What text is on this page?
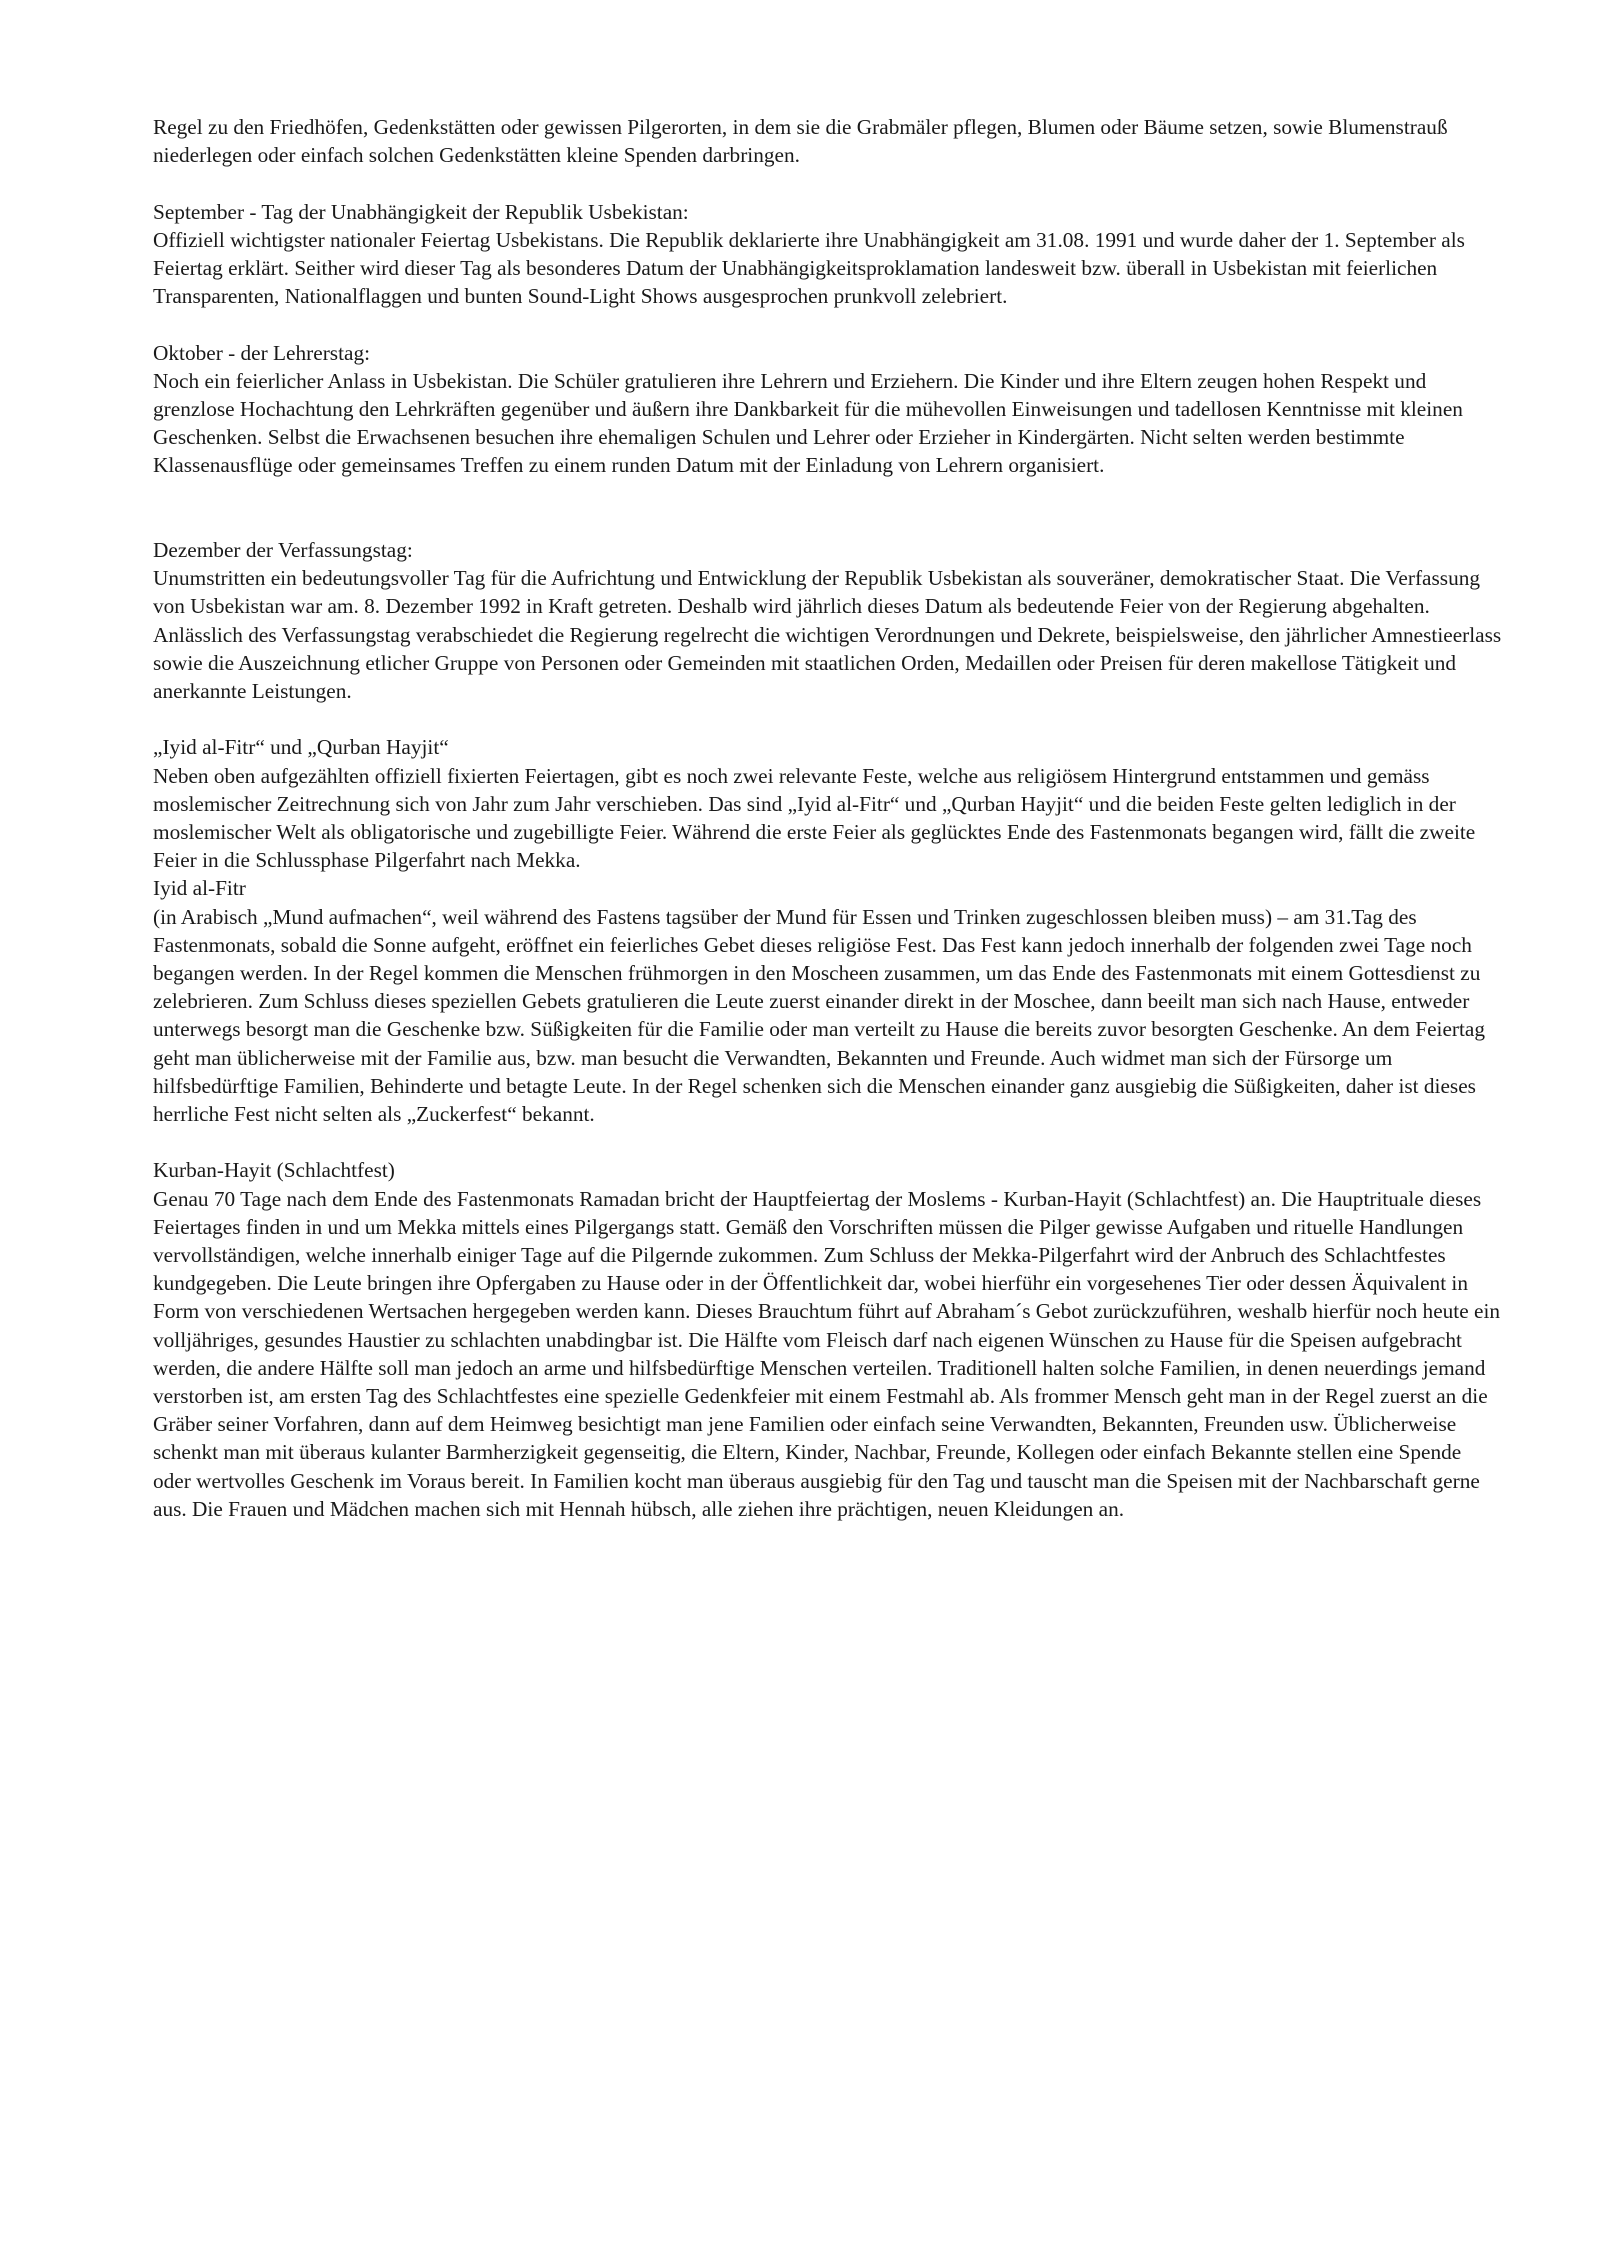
Regel zu den Friedhöfen, Gedenkstätten oder gewissen Pilgerorten, in dem sie die Grabmäler pflegen, Blumen oder Bäume setzen, sowie Blumenstrauß niederlegen oder einfach solchen Gedenkstätten kleine Spenden darbringen.

September - Tag der Unabhängigkeit der Republik Usbekistan:

Offiziell wichtigster nationaler Feiertag Usbekistans. Die Republik deklarierte ihre Unabhängigkeit am 31.08. 1991 und wurde daher der 1. September als Feiertag erklärt. Seither wird dieser Tag als besonderes Datum der Unabhängigkeitsproklamation landesweit bzw. überall in Usbekistan mit feierlichen Transparenten, Nationalflaggen und bunten Sound-Light Shows ausgesprochen prunkvoll zelebriert.

Oktober - der Lehrerstag:

Noch ein feierlicher Anlass in Usbekistan. Die Schüler gratulieren ihre Lehrern und Erziehern. Die Kinder und ihre Eltern zeugen hohen Respekt und grenzlose Hochachtung den Lehrkräften gegenüber und äußern ihre Dankbarkeit für die mühevollen Einweisungen und tadellosen Kenntnisse mit kleinen Geschenken. Selbst die Erwachsenen besuchen ihre ehemaligen Schulen und Lehrer oder Erzieher in Kindergärten. Nicht selten werden bestimmte Klassenausflüge oder gemeinsames Treffen zu einem runden Datum mit der Einladung von Lehrern organisiert.

Dezember der Verfassungstag:

Unumstritten ein bedeutungsvoller Tag für die Aufrichtung und Entwicklung der Republik Usbekistan als souveräner, demokratischer Staat. Die Verfassung von Usbekistan war am. 8. Dezember 1992 in Kraft getreten. Deshalb wird jährlich dieses Datum als bedeutende Feier von der Regierung abgehalten. Anlässlich des Verfassungstag verabschiedet die Regierung regelrecht die wichtigen Verordnungen und Dekrete, beispielsweise, den jährlicher Amnestieerlass sowie die Auszeichnung etlicher Gruppe von Personen oder Gemeinden mit staatlichen Orden, Medaillen oder Preisen für deren makellose Tätigkeit und anerkannte Leistungen.

„Iyid al-Fitr“ und „Qurban Hayjit“

Neben oben aufgezählten offiziell fixierten Feiertagen, gibt es noch zwei relevante Feste, welche aus religiösem Hintergrund entstammen und gemäss moslemischer Zeitrechnung sich von Jahr zum Jahr verschieben. Das sind „Iyid al-Fitr“ und „Qurban Hayjit“ und die beiden Feste gelten lediglich in der moslemischer Welt als obligatorische und zugebilligte Feier. Während die erste Feier als geglücktes Ende des Fastenmonats begangen wird, fällt die zweite Feier in die Schlussphase Pilgerfahrt nach Mekka.

Iyid al-Fitr

(in Arabisch „Mund aufmachen“, weil während des Fastens tagsüber der Mund für Essen und Trinken zugeschlossen bleiben muss) – am 31.Tag des Fastenmonats, sobald die Sonne aufgeht, eröffnet ein feierliches Gebet dieses religiöse Fest. Das Fest kann jedoch innerhalb der folgenden zwei Tage noch begangen werden. In der Regel kommen die Menschen frühmorgen in den Moscheen zusammen, um das Ende des Fastenmonats mit einem Gottesdienst zu zelebrieren. Zum Schluss dieses speziellen Gebets gratulieren die Leute zuerst einander direkt in der Moschee, dann beeilt man sich nach Hause, entweder unterwegs besorgt man die Geschenke bzw. Süßigkeiten für die Familie oder man verteilt zu Hause die bereits zuvor besorgten Geschenke. An dem Feiertag geht man üblicherweise mit der Familie aus, bzw. man besucht die Verwandten, Bekannten und Freunde. Auch widmet man sich der Fürsorge um hilfsbedürftige Familien, Behinderte und betagte Leute. In der Regel schenken sich die Menschen einander ganz ausgiebig die Süßigkeiten, daher ist dieses herrliche Fest nicht selten als „Zuckerfest“ bekannt.

Kurban-Hayit (Schlachtfest)

Genau 70 Tage nach dem Ende des Fastenmonats Ramadan bricht der Hauptfeiertag der Moslems - Kurban-Hayit (Schlachtfest) an. Die Hauptrituale dieses Feiertages finden in und um Mekka mittels eines Pilgergangs statt. Gemäß den Vorschriften müssen die Pilger gewisse Aufgaben und rituelle Handlungen vervollständigen, welche innerhalb einiger Tage auf die Pilgernde zukommen. Zum Schluss der Mekka-Pilgerfahrt wird der Anbruch des Schlachtfestes kundgegeben. Die Leute bringen ihre Opfergaben zu Hause oder in der Öffentlichkeit dar, wobei hierführ ein vorgesehenes Tier oder dessen Äquivalent in Form von verschiedenen Wertsachen hergegeben werden kann. Dieses Brauchtum führt auf Abraham´s Gebot zurückzuführen, weshalb hierfür noch heute ein volljähriges, gesundes Haustier zu schlachten unabdingbar ist. Die Hälfte vom Fleisch darf nach eigenen Wünschen zu Hause für die Speisen aufgebracht werden, die andere Hälfte soll man jedoch an arme und hilfsbedürftige Menschen verteilen. Traditionell halten solche Familien, in denen neuerdings jemand verstorben ist, am ersten Tag des Schlachtfestes eine spezielle Gedenkfeier mit einem Festmahl ab. Als frommer Mensch geht man in der Regel zuerst an die Gräber seiner Vorfahren, dann auf dem Heimweg besichtigt man jene Familien oder einfach seine Verwandten, Bekannten, Freunden usw. Üblicherweise schenkt man mit überaus kulanter Barmherzigkeit gegenseitig, die Eltern, Kinder, Nachbar, Freunde, Kollegen oder einfach Bekannte stellen eine Spende oder wertvolles Geschenk im Voraus bereit. In Familien kocht man überaus ausgiebig für den Tag und tauscht man die Speisen mit der Nachbarschaft gerne aus. Die Frauen und Mädchen machen sich mit Hennah hübsch, alle ziehen ihre prächtigen, neuen Kleidungen an.
